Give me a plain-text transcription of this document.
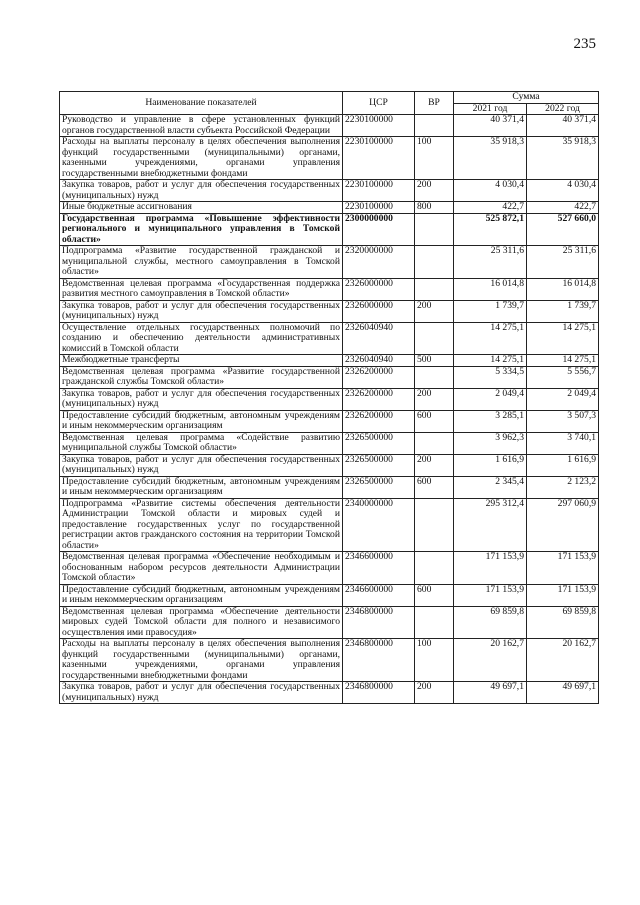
235
Наименование показателей	ЦСР	ВР	Сумма	
			2021 год	2022 год
Руководство и управление в сфере установленных функций органов государственной власти субъекта Российской Федерации	2230100000		40 371,4	40 371,4
Расходы на выплаты персоналу в целях обеспечения выполнения функций государственными (муниципальными) органами, казенными учреждениями, органами управления государственными внебюджетными фондами	2230100000	100	35 918,3	35 918,3
Закупка товаров, работ и услуг для обеспечения государственных (муниципальных) нужд	2230100000	200	4 030,4	4 030,4
Иные бюджетные ассигнования	2230100000	800	422,7	422,7
Государственная программа «Повышение эффективности регионального и муниципального управления в Томской области»	2300000000		525 872,1	527 660,0
Подпрограмма «Развитие государственной гражданской и муниципальной службы, местного самоуправления в Томской области»	2320000000		25 311,6	25 311,6
Ведомственная целевая программа «Государственная поддержка развития местного самоуправления в Томской области»	2326000000		16 014,8	16 014,8
Закупка товаров, работ и услуг для обеспечения государственных (муниципальных) нужд	2326000000	200	1 739,7	1 739,7
Осуществление отдельных государственных полномочий по созданию и обеспечению деятельности административных комиссий в Томской области	2326040940		14 275,1	14 275,1
Межбюджетные трансферты	2326040940	500	14 275,1	14 275,1
Ведомственная целевая программа «Развитие государственной гражданской службы Томской области»	2326200000		5 334,5	5 556,7
Закупка товаров, работ и услуг для обеспечения государственных (муниципальных) нужд	2326200000	200	2 049,4	2 049,4
Предоставление субсидий бюджетным, автономным учреждениям и иным некоммерческим организациям	2326200000	600	3 285,1	3 507,3
Ведомственная целевая программа «Содействие развитию муниципальной службы Томской области»	2326500000		3 962,3	3 740,1
Закупка товаров, работ и услуг для обеспечения государственных (муниципальных) нужд	2326500000	200	1 616,9	1 616,9
Предоставление субсидий бюджетным, автономным учреждениям и иным некоммерческим организациям	2326500000	600	2 345,4	2 123,2
Подпрограмма «Развитие системы обеспечения деятельности Администрации Томской области и мировых судей и предоставление государственных услуг по государственной регистрации актов гражданского состояния на территории Томской области»	2340000000		295 312,4	297 060,9
Ведомственная целевая программа «Обеспечение необходимым и обоснованным набором ресурсов деятельности Администрации Томской области»	2346600000		171 153,9	171 153,9
Предоставление субсидий бюджетным, автономным учреждениям и иным некоммерческим организациям	2346600000	600	171 153,9	171 153,9
Ведомственная целевая программа «Обеспечение деятельности мировых судей Томской области для полного и независимого осуществления ими правосудия»	2346800000		69 859,8	69 859,8
Расходы на выплаты персоналу в целях обеспечения выполнения функций государственными (муниципальными) органами, казенными учреждениями, органами управления государственными внебюджетными фондами	2346800000	100	20 162,7	20 162,7
Закупка товаров, работ и услуг для обеспечения государственных (муниципальных) нужд	2346800000	200	49 697,1	49 697,1
